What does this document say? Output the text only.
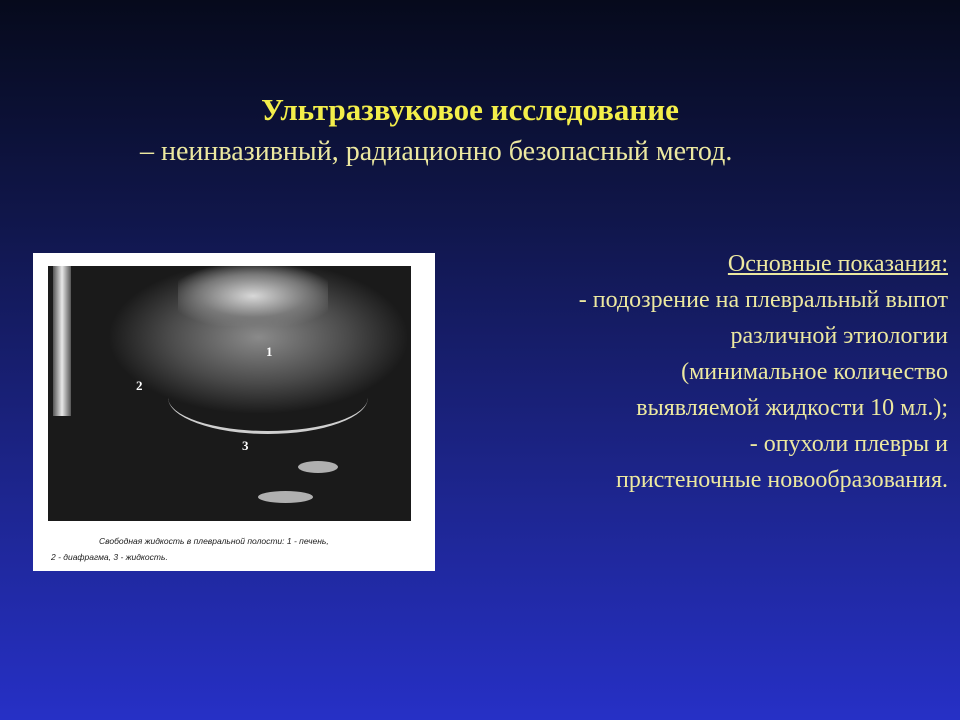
Ультразвуковое исследование
– неинвазивный, радиационно безопасный метод.
1
2
3
Свободная жидкость в плевральной полости: 1 - печень,
2 - диафрагма, 3 - жидкость.
Основные показания:
- подозрение на плевральный выпот
различной этиологии
(минимальное количество
выявляемой жидкости 10 мл.);
- опухоли плевры и
пристеночные новообразования.
